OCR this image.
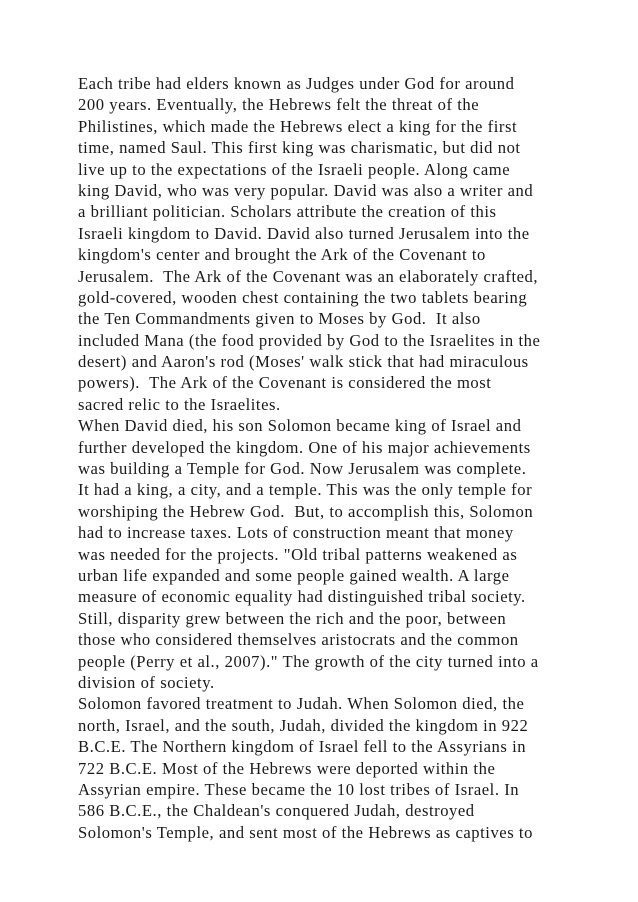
Each tribe had elders known as Judges under God for around
200 years. Eventually, the Hebrews felt the threat of the
Philistines, which made the Hebrews elect a king for the first
time, named Saul. This first king was charismatic, but did not
live up to the expectations of the Israeli people. Along came
king David, who was very popular. David was also a writer and
a brilliant politician. Scholars attribute the creation of this
Israeli kingdom to David. David also turned Jerusalem into the
kingdom's center and brought the Ark of the Covenant to
Jerusalem.  The Ark of the Covenant was an elaborately crafted,
gold-covered, wooden chest containing the two tablets bearing
the Ten Commandments given to Moses by God.  It also
included Mana (the food provided by God to the Israelites in the
desert) and Aaron's rod (Moses' walk stick that had miraculous
powers).  The Ark of the Covenant is considered the most
sacred relic to the Israelites.
When David died, his son Solomon became king of Israel and
further developed the kingdom. One of his major achievements
was building a Temple for God. Now Jerusalem was complete.
It had a king, a city, and a temple. This was the only temple for
worshiping the Hebrew God.  But, to accomplish this, Solomon
had to increase taxes. Lots of construction meant that money
was needed for the projects. "Old tribal patterns weakened as
urban life expanded and some people gained wealth. A large
measure of economic equality had distinguished tribal society.
Still, disparity grew between the rich and the poor, between
those who considered themselves aristocrats and the common
people (Perry et al., 2007)." The growth of the city turned into a
division of society.
Solomon favored treatment to Judah. When Solomon died, the
north, Israel, and the south, Judah, divided the kingdom in 922
B.C.E. The Northern kingdom of Israel fell to the Assyrians in
722 B.C.E. Most of the Hebrews were deported within the
Assyrian empire. These became the 10 lost tribes of Israel. In
586 B.C.E., the Chaldean's conquered Judah, destroyed
Solomon's Temple, and sent most of the Hebrews as captives to
